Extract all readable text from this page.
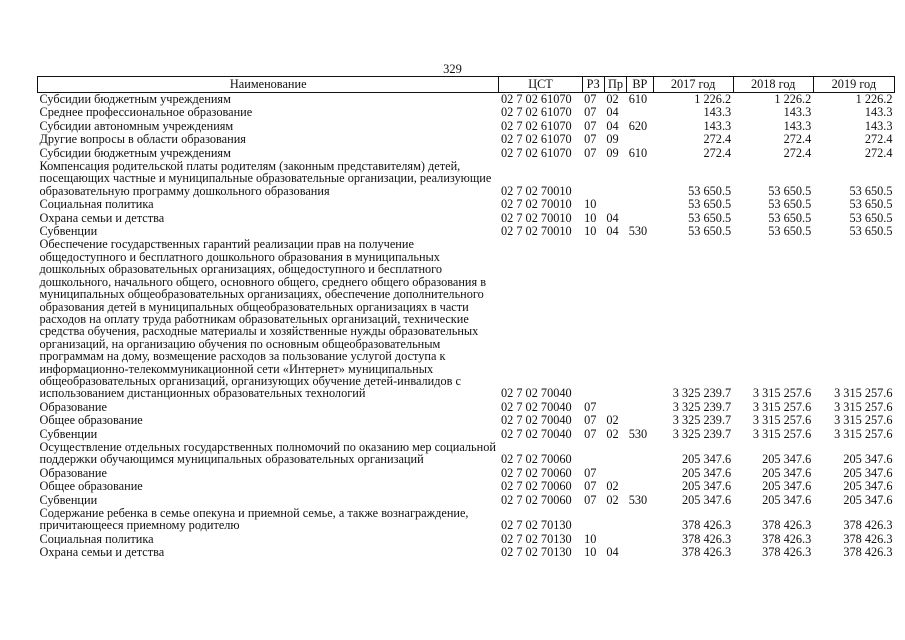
329
Наименование	ЦСТ	РЗ	Пр	ВР	2017 год	2018 год	2019 год
Субсидии бюджетным учреждениям	02 7 02 61070	07	02	610	1 226.2	1 226.2	1 226.2
Среднее профессиональное образование	02 7 02 61070	07	04		143.3	143.3	143.3
Субсидии автономным учреждениям	02 7 02 61070	07	04	620	143.3	143.3	143.3
Другие вопросы в области образования	02 7 02 61070	07	09		272.4	272.4	272.4
Субсидии бюджетным учреждениям	02 7 02 61070	07	09	610	272.4	272.4	272.4
Компенсация родительской платы родителям (законным представителям) детей, посещающих частные и муниципальные образовательные организации, реализующие образовательную программу дошкольного образования	02 7 02 70010				53 650.5	53 650.5	53 650.5
Социальная политика	02 7 02 70010	10			53 650.5	53 650.5	53 650.5
Охрана семьи и детства	02 7 02 70010	10	04		53 650.5	53 650.5	53 650.5
Субвенции	02 7 02 70010	10	04	530	53 650.5	53 650.5	53 650.5
Обеспечение государственных гарантий реализации прав на получение общедоступного и бесплатного дошкольного образования в муниципальных дошкольных образовательных организациях, общедоступного и бесплатного дошкольного, начального общего, основного общего, среднего общего образования в муниципальных общеобразовательных организациях, обеспечение дополнительного образования детей в муниципальных общеобразовательных организациях в части расходов на оплату труда работникам образовательных организаций, технические средства обучения, расходные материалы и хозяйственные нужды образовательных организаций, на организацию обучения по основным общеобразовательным программам на дому, возмещение расходов за пользование услугой доступа к информационно-телекоммуникационной сети «Интернет» муниципальных общеобразовательных организаций, организующих обучение детей-инвалидов с использованием дистанционных образовательных технологий	02 7 02 70040				3 325 239.7	3 315 257.6	3 315 257.6
Образование	02 7 02 70040	07			3 325 239.7	3 315 257.6	3 315 257.6
Общее образование	02 7 02 70040	07	02		3 325 239.7	3 315 257.6	3 315 257.6
Субвенции	02 7 02 70040	07	02	530	3 325 239.7	3 315 257.6	3 315 257.6
Осуществление отдельных государственных полномочий по оказанию мер социальной поддержки обучающимся муниципальных образовательных организаций	02 7 02 70060				205 347.6	205 347.6	205 347.6
Образование	02 7 02 70060	07			205 347.6	205 347.6	205 347.6
Общее образование	02 7 02 70060	07	02		205 347.6	205 347.6	205 347.6
Субвенции	02 7 02 70060	07	02	530	205 347.6	205 347.6	205 347.6
Содержание ребенка в семье опекуна и приемной семье, а также вознаграждение, причитающееся приемному родителю	02 7 02 70130				378 426.3	378 426.3	378 426.3
Социальная политика	02 7 02 70130	10			378 426.3	378 426.3	378 426.3
Охрана семьи и детства	02 7 02 70130	10	04		378 426.3	378 426.3	378 426.3
